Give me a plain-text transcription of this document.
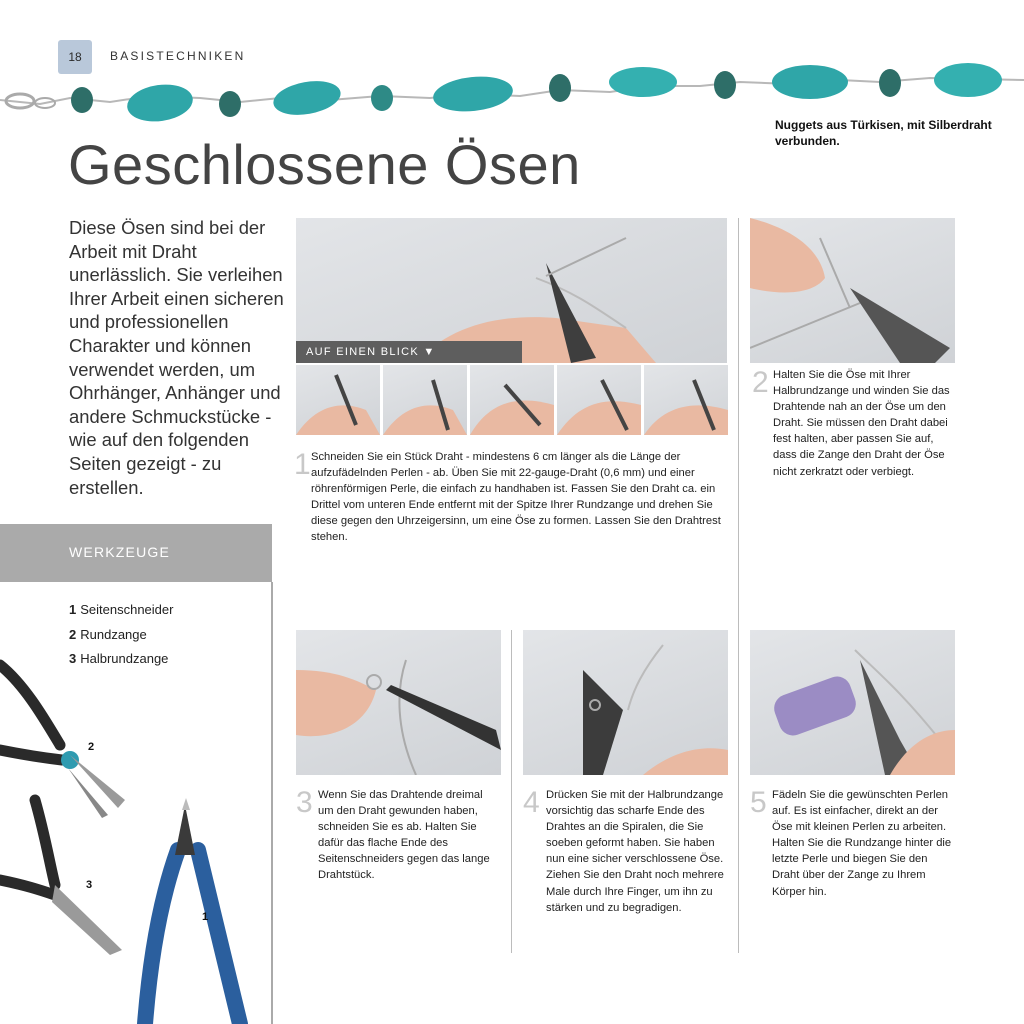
18	BASISTECHNIKEN
Nuggets aus Türkisen, mit Silberdraht verbunden.
Geschlossene Ösen
Diese Ösen sind bei der Arbeit mit Draht unerlässlich. Sie verleihen Ihrer Arbeit einen sicheren und professionellen Charakter und können verwendet werden, um Ohrhänger, Anhänger und andere Schmuckstücke - wie auf den folgenden Seiten gezeigt - zu erstellen.
AUF EINEN BLICK ▼
1 Schneiden Sie ein Stück Draht - mindestens 6 cm länger als die Länge der aufzufädelnden Perlen - ab. Üben Sie mit 22-gauge-Draht (0,6 mm) und einer röhrenförmigen Perle, die einfach zu handhaben ist. Fassen Sie den Draht ca. ein Drittel vom unteren Ende entfernt mit der Spitze Ihrer Rundzange und drehen Sie diese gegen den Uhrzeigersinn, um eine Öse zu formen. Lassen Sie den Drahtrest stehen.
2 Halten Sie die Öse mit Ihrer Halbrundzange und winden Sie das Drahtende nah an der Öse um den Draht. Sie müssen den Draht dabei fest halten, aber passen Sie auf, dass die Zange den Draht der Öse nicht zerkratzt oder verbiegt.
3 Wenn Sie das Drahtende dreimal um den Draht gewunden haben, schneiden Sie es ab. Halten Sie dafür das flache Ende des Seitenschneiders gegen das lange Drahtstück.
4 Drücken Sie mit der Halbrundzange vorsichtig das scharfe Ende des Drahtes an die Spiralen, die Sie soeben geformt haben. Sie haben nun eine sicher verschlossene Öse. Ziehen Sie den Draht noch mehrere Male durch Ihre Finger, um ihn zu stärken und zu begradigen.
5 Fädeln Sie die gewünschten Perlen auf. Es ist einfacher, direkt an der Öse mit kleinen Perlen zu arbeiten. Halten Sie die Rundzange hinter die letzte Perle und biegen Sie den Draht über der Zange zu Ihrem Körper hin.
WERKZEUGE
1 Seitenschneider
2 Rundzange
3 Halbrundzange
2
3
1
